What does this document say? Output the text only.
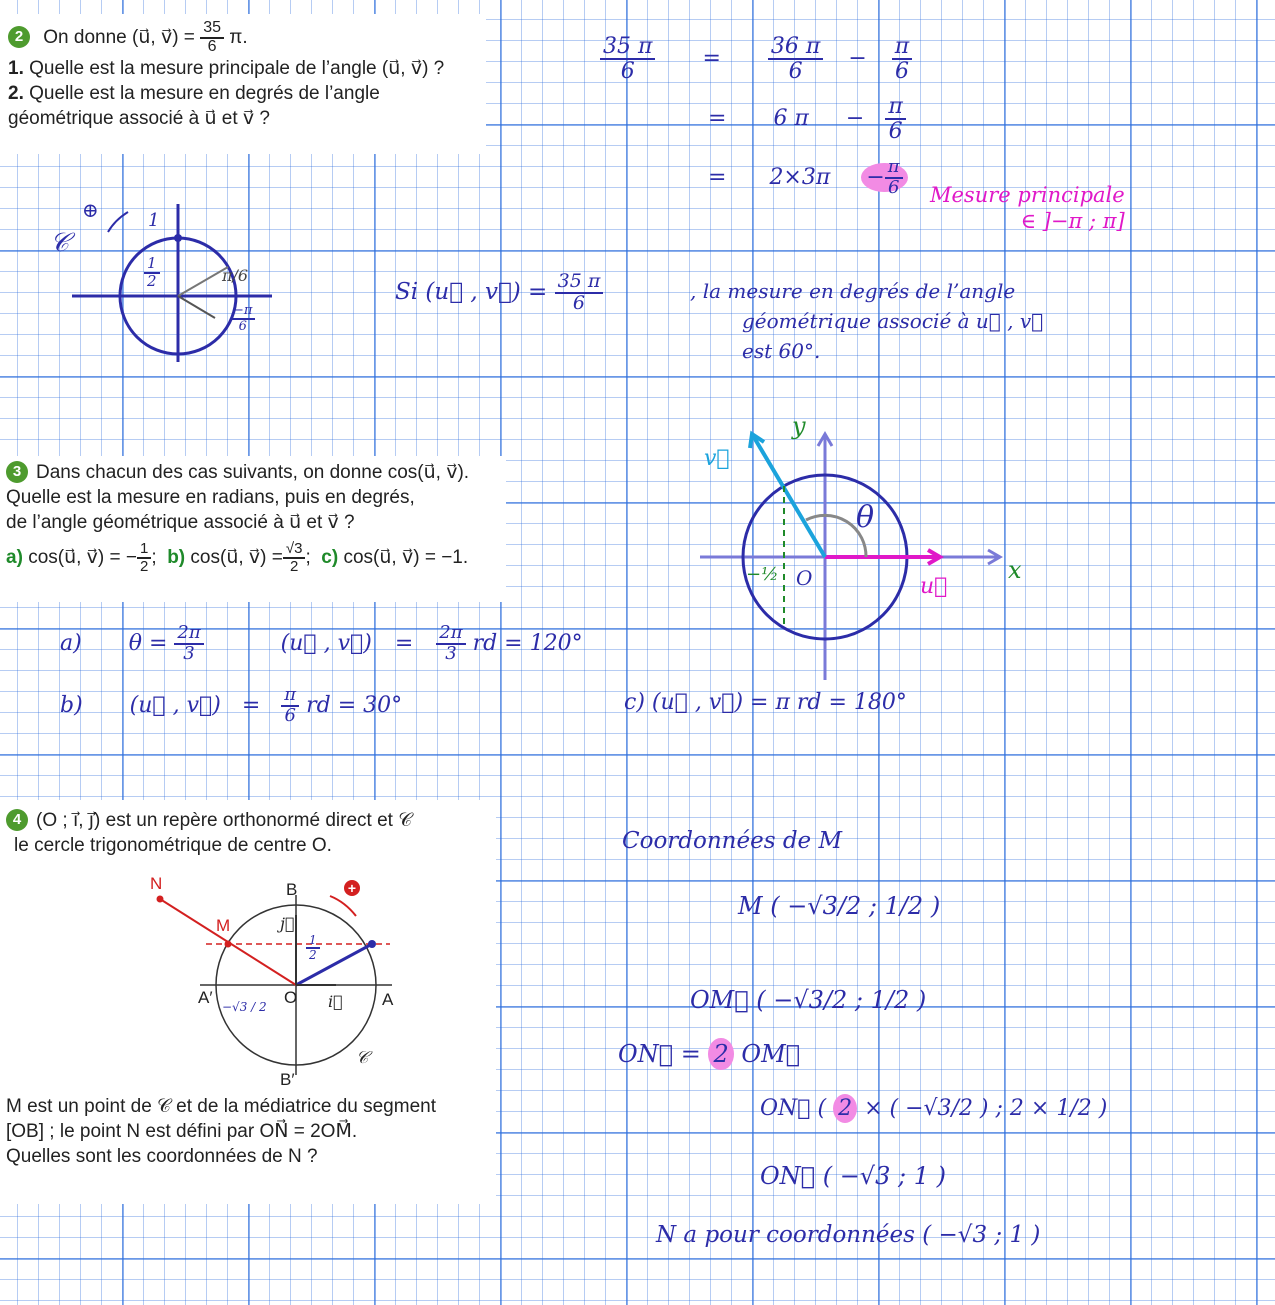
2 On donne (u⃗, v⃗) = $\frac{35}{6} \pi$.
1. Quelle est la mesure principale de l’angle (u⃗, v⃗) ?
2. Quelle est la mesure en degrés de l’angle géométrique associé à u⃗ et v⃗ ?
$\frac{35 \pi}{6} = \frac{36 \pi}{6} - \frac{\pi}{6}$
= 6 $\pi - \frac{\pi}{6}$
= $2\times 3\pi - \frac{\pi}{6}$ Mesure principale
∈ ]−π ; π]
⊕
𝒞
1
$\frac{1}{2}$	π/6
$\frac{-\pi}{6}$
Si (u⃗ , v⃗) = $\frac{35 \pi}{6}$	, la mesure en degrés de l’angle
géométrique associé à u⃗ , v⃗
est 60°.
3 Dans chacun des cas suivants, on donne cos(u⃗, v⃗).
Quelle est la mesure en radians, puis en degrés,
de l’angle géométrique associé à u⃗ et v⃗ ?
a) cos(u⃗, v⃗) = − $\frac{1}{2}$ ; b) cos(u⃗, v⃗) = $\frac{√3}{2}$ ; c) cos(u⃗, v⃗) = −1.
y
x
O
θ
u⃗
v⃗
−½
a) $\theta = \frac{2\pi}{3}$	(u⃗ , v⃗) = $\frac{2\pi}{3}$ rd = 120°
b) (u⃗ , v⃗) = $\frac{\pi}{6}$ rd = 30°	c) (u⃗ , v⃗) = π rd = 180°
4 (O ; i⃗, j⃗) est un repère orthonormé direct et 𝒞
le cercle trigonométrique de centre O.
M est un point de 𝒞 et de la médiatrice du segment
[OB] ; le point N est défini par ON⃗ = 2OM⃗.
Quelles sont les coordonnées de N ?
+
N
M
B
B′
A
A′	O i⃗
j⃗
𝒞
$\frac{1}{2}$
−√3 / 2
Coordonnées de M
M ( −√3/2 ; 1/2 )
OM⃗ ( −√3/2 ; 1/2 )
ON⃗ = 2 OM⃗
ON⃗ ( 2 × ( −√3/2 ) ; 2 × 1/2 )
ON⃗ ( −√3 ; 1 )
N a pour coordonnées ( −√3 ; 1 )
